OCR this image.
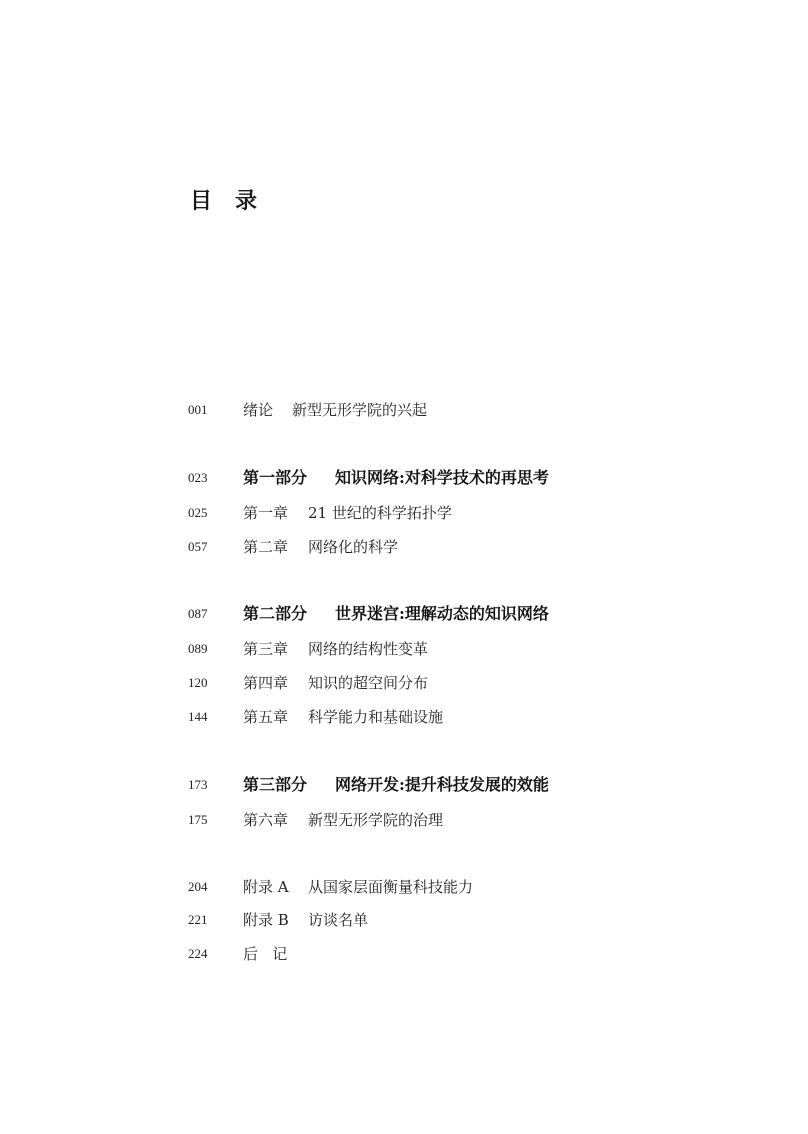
目   录
001 绪论 新型无形学院的兴起
023 第一部分 知识网络:对科学技术的再思考
025 第一章 21 世纪的科学拓扑学
057 第二章 网络化的科学
087 第二部分 世界迷宫:理解动态的知识网络
089 第三章 网络的结构性变革
120 第四章 知识的超空间分布
144 第五章 科学能力和基础设施
173 第三部分 网络开发:提升科技发展的效能
175 第六章 新型无形学院的治理
204 附录 A 从国家层面衡量科技能力
221 附录 B 访谈名单
224 后   记
